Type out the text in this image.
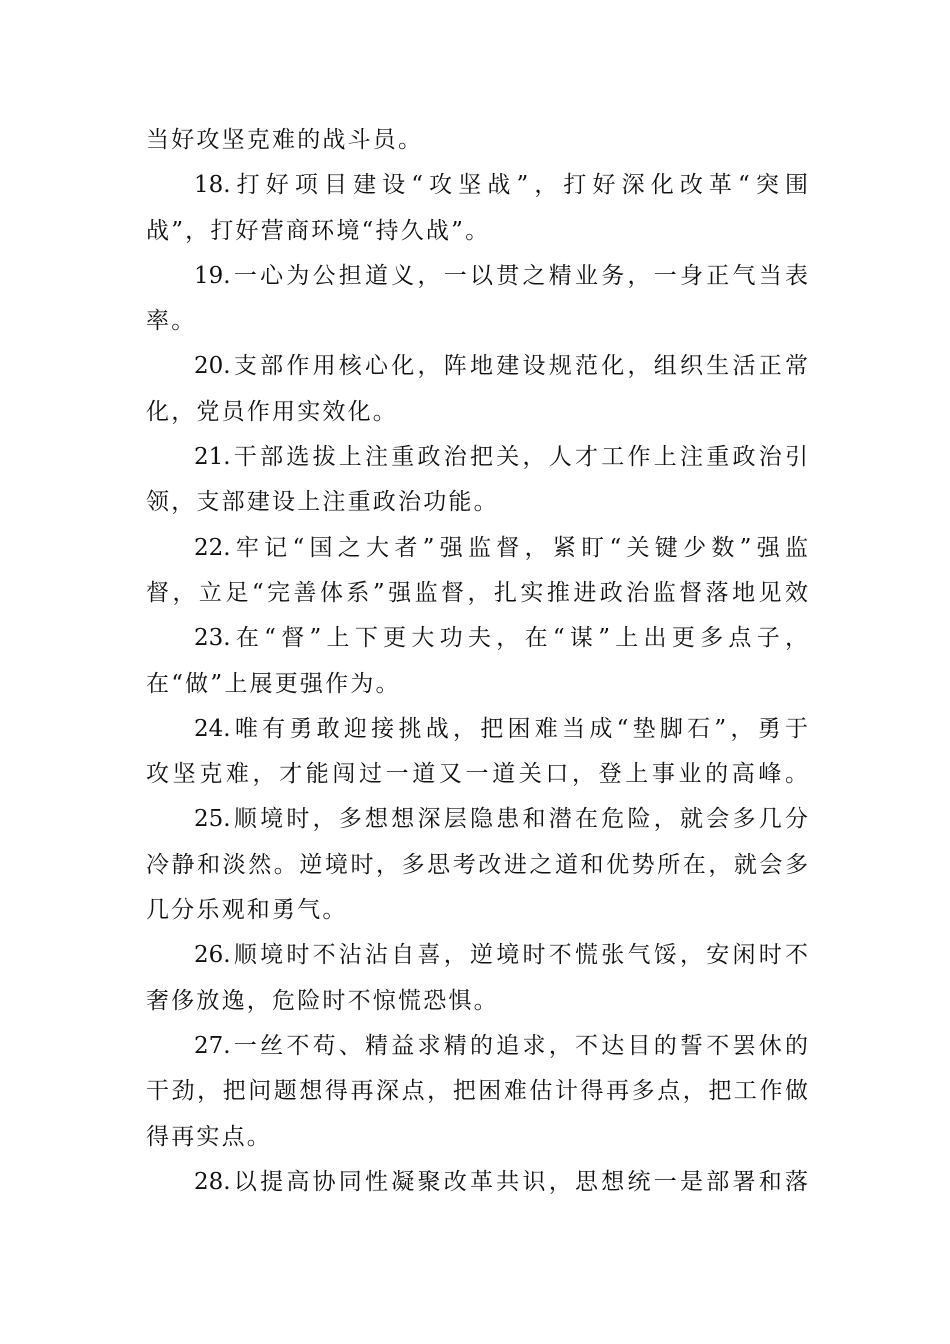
当好攻坚克难的战斗员。
18.打好项目建设“攻坚战”，打好深化改革“突围
战”，打好营商环境“持久战”。
19.一心为公担道义，一以贯之精业务，一身正气当表
率。
20.支部作用核心化，阵地建设规范化，组织生活正常
化，党员作用实效化。
21.干部选拔上注重政治把关，人才工作上注重政治引
领，支部建设上注重政治功能。
22.牢记“国之大者”强监督，紧盯“关键少数”强监
督，立足“完善体系”强监督，扎实推进政治监督落地见效
23.在“督”上下更大功夫，在“谋”上出更多点子，
在“做”上展更强作为。
24.唯有勇敢迎接挑战，把困难当成“垫脚石”，勇于
攻坚克难，才能闯过一道又一道关口，登上事业的高峰。
25.顺境时，多想想深层隐患和潜在危险，就会多几分
冷静和淡然。逆境时，多思考改进之道和优势所在，就会多
几分乐观和勇气。
26.顺境时不沾沾自喜，逆境时不慌张气馁，安闲时不
奢侈放逸，危险时不惊慌恐惧。
27.一丝不苟、精益求精的追求，不达目的誓不罢休的
干劲，把问题想得再深点，把困难估计得再多点，把工作做
得再实点。
28.以提高协同性凝聚改革共识，思想统一是部署和落
